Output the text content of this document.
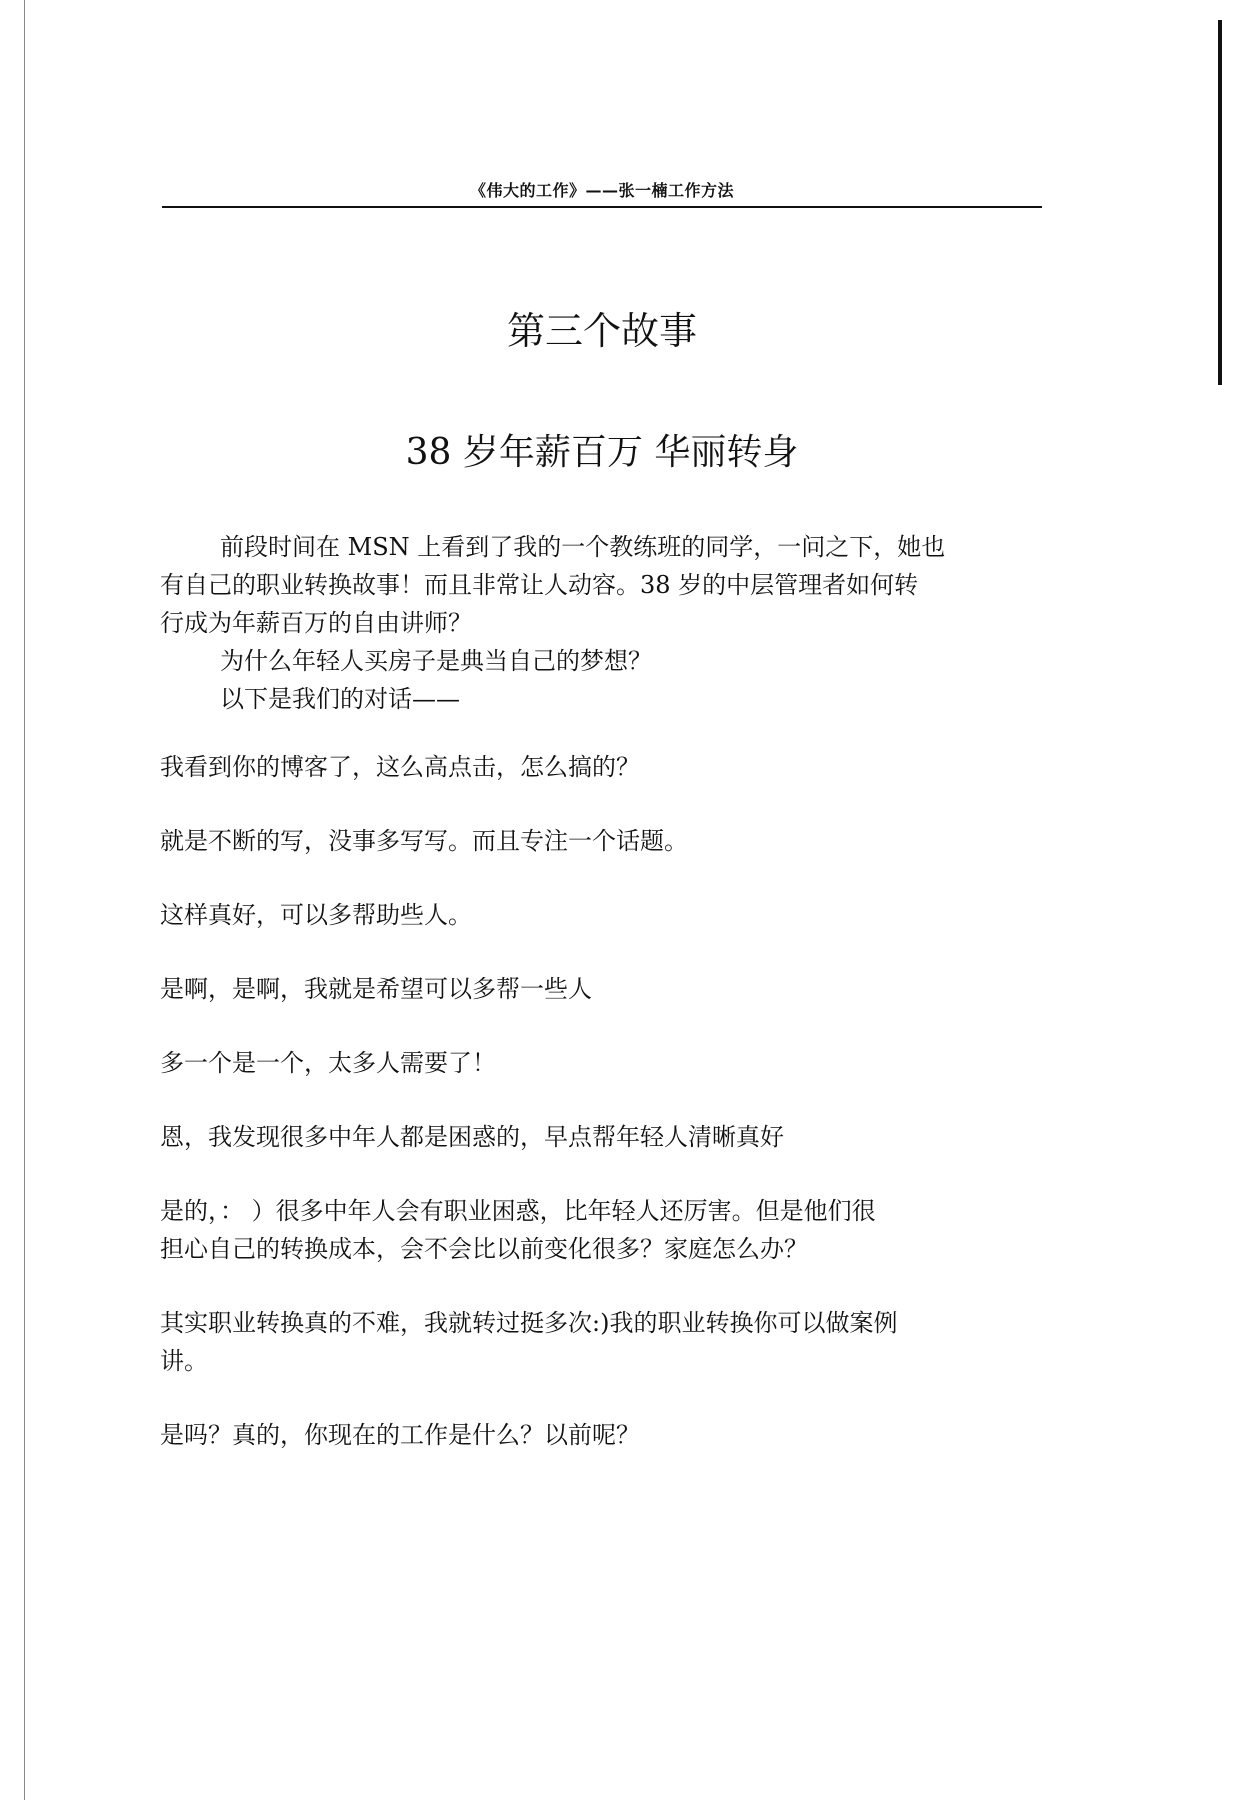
《伟大的工作》——张一楠工作方法
第三个故事
38 岁年薪百万 华丽转身
前段时间在 MSN 上看到了我的一个教练班的同学，一问之下，她也
有自己的职业转换故事！而且非常让人动容。38 岁的中层管理者如何转
行成为年薪百万的自由讲师？
为什么年轻人买房子是典当自己的梦想？
以下是我们的对话——
我看到你的博客了，这么高点击，怎么搞的？
就是不断的写，没事多写写。而且专注一个话题。
这样真好，可以多帮助些人。
是啊，是啊，我就是希望可以多帮一些人
多一个是一个，太多人需要了！
恩，我发现很多中年人都是困惑的，早点帮年轻人清晰真好
是的，： ）很多中年人会有职业困惑，比年轻人还厉害。但是他们很
担心自己的转换成本，会不会比以前变化很多？家庭怎么办？
其实职业转换真的不难，我就转过挺多次:)我的职业转换你可以做案例
讲。
是吗？真的，你现在的工作是什么？以前呢？
